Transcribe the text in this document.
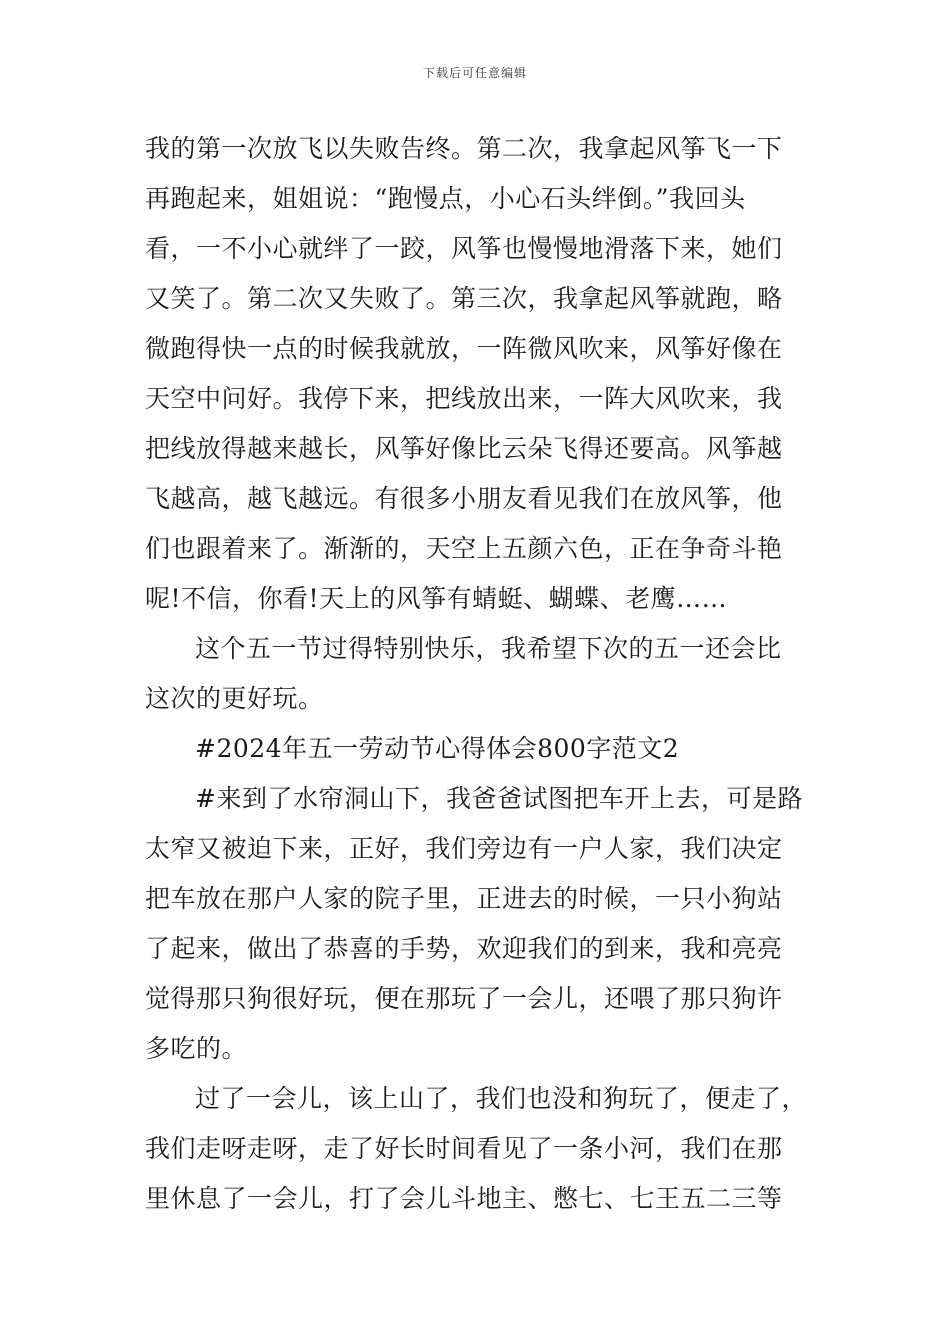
下载后可任意编辑
我的第一次放飞以失败告终。第二次，我拿起风筝飞一下
再跑起来，姐姐说：“跑慢点，小心石头绊倒。”我回头
看，一不小心就绊了一跤，风筝也慢慢地滑落下来，她们
又笑了。第二次又失败了。第三次，我拿起风筝就跑，略
微跑得快一点的时候我就放，一阵微风吹来，风筝好像在
天空中问好。我停下来，把线放出来，一阵大风吹来，我
把线放得越来越长，风筝好像比云朵飞得还要高。风筝越
飞越高，越飞越远。有很多小朋友看见我们在放风筝，他
们也跟着来了。渐渐的，天空上五颜六色，正在争奇斗艳
呢!不信，你看!天上的风筝有蜻蜓、蝴蝶、老鹰……
这个五一节过得特别快乐，我希望下次的五一还会比
这次的更好玩。
#2024年五一劳动节心得体会800字范文2
#来到了水帘洞山下，我爸爸试图把车开上去，可是路
太窄又被迫下来，正好，我们旁边有一户人家，我们决定
把车放在那户人家的院子里，正进去的时候，一只小狗站
了起来，做出了恭喜的手势，欢迎我们的到来，我和亮亮
觉得那只狗很好玩，便在那玩了一会儿，还喂了那只狗许
多吃的。
过了一会儿，该上山了，我们也没和狗玩了，便走了，
我们走呀走呀，走了好长时间看见了一条小河，我们在那
里休息了一会儿，打了会儿斗地主、憋七、七王五二三等
